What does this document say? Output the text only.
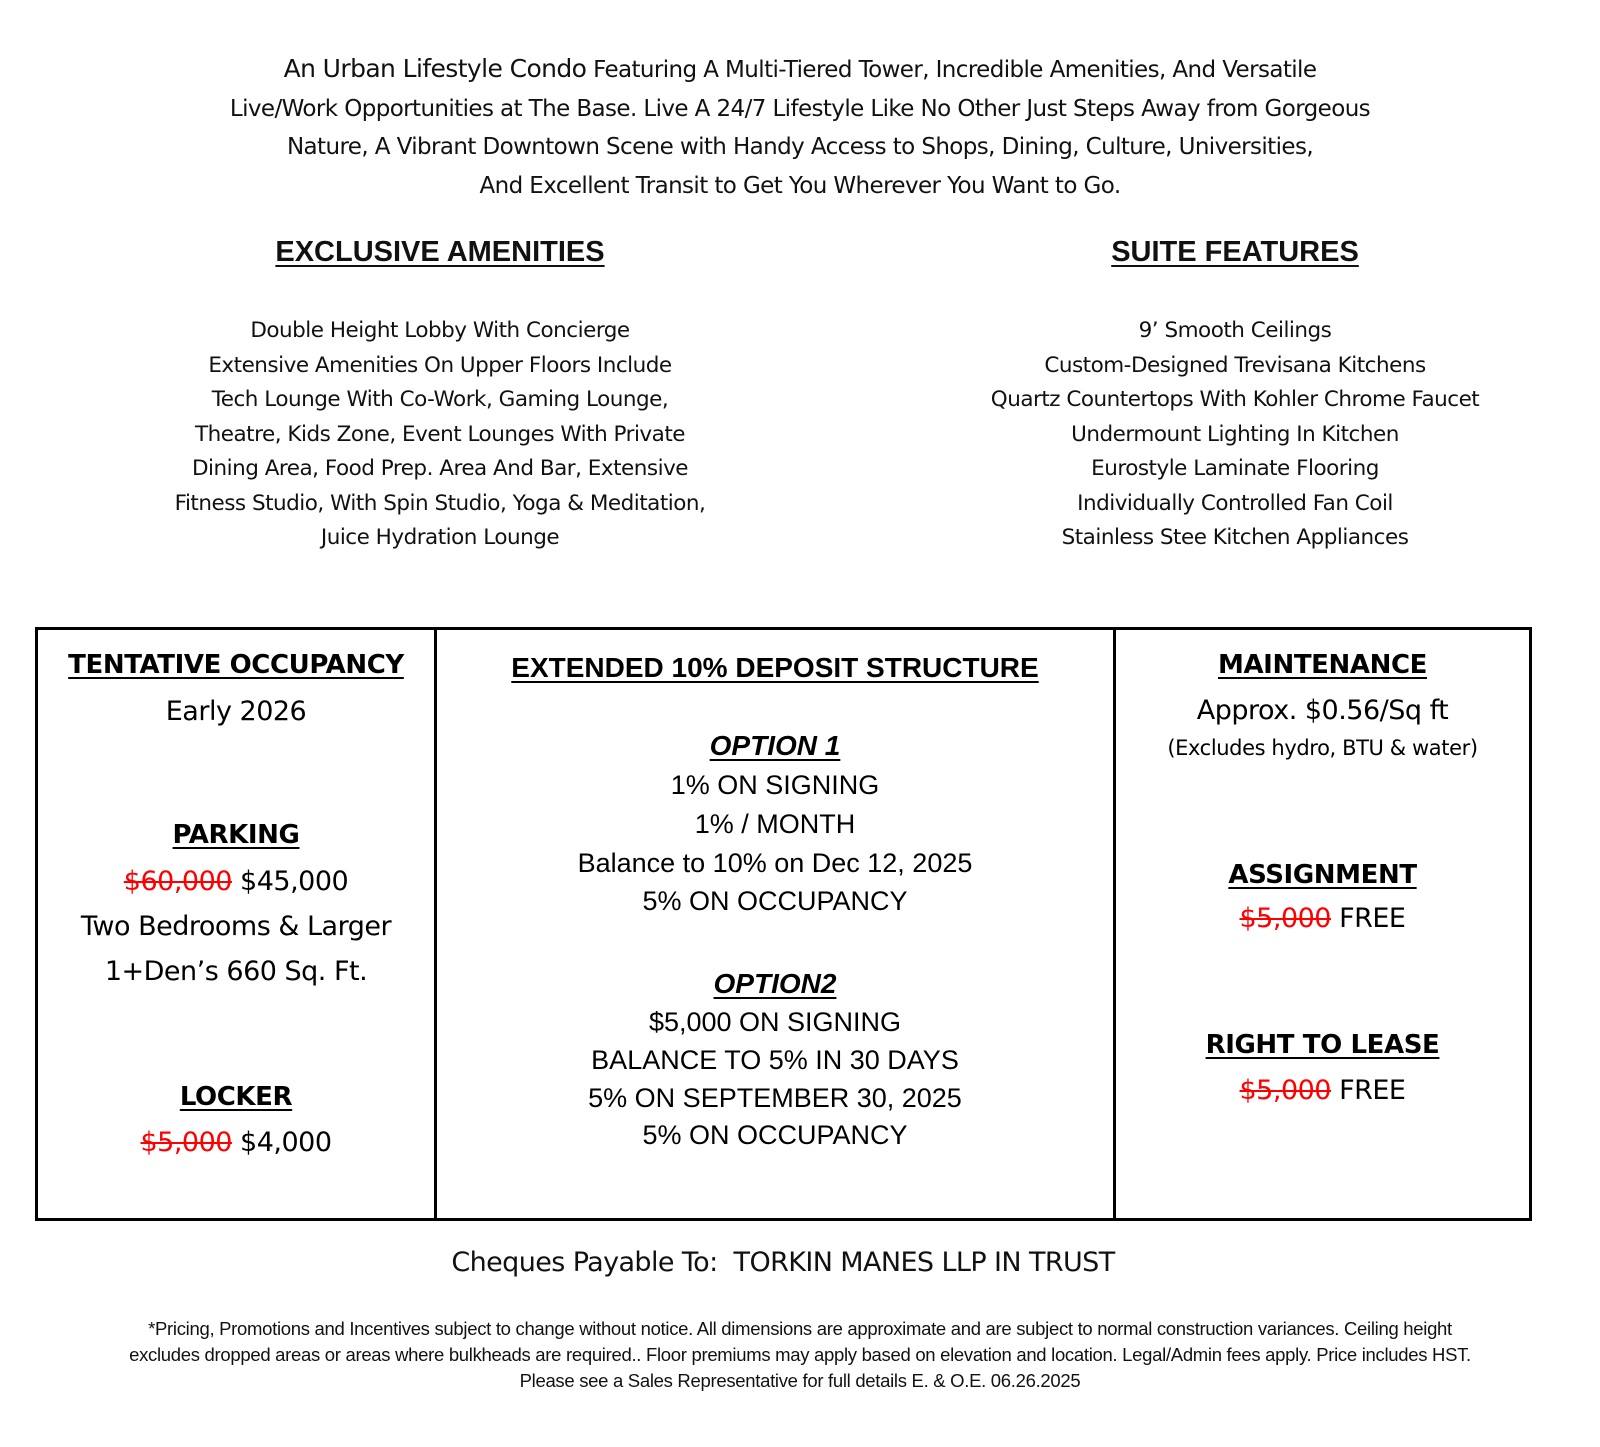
An Urban Lifestyle Condo Featuring A Multi-Tiered Tower, Incredible Amenities, And Versatile
Live/Work Opportunities at The Base. Live A 24/7 Lifestyle Like No Other Just Steps Away from Gorgeous
Nature, A Vibrant Downtown Scene with Handy Access to Shops, Dining, Culture, Universities,
And Excellent Transit to Get You Wherever You Want to Go.
EXCLUSIVE AMENITIES
Double Height Lobby With Concierge
Extensive Amenities On Upper Floors Include
Tech Lounge With Co-Work, Gaming Lounge,
Theatre, Kids Zone, Event Lounges With Private
Dining Area, Food Prep. Area And Bar, Extensive
Fitness Studio, With Spin Studio, Yoga & Meditation,
Juice Hydration Lounge
SUITE FEATURES
9’ Smooth Ceilings
Custom-Designed Trevisana Kitchens
Quartz Countertops With Kohler Chrome Faucet
Undermount Lighting In Kitchen
Eurostyle Laminate Flooring
Individually Controlled Fan Coil
Stainless Stee Kitchen Appliances
TENTATIVE OCCUPANCY
Early 2026
PARKING
$60,000 $45,000
Two Bedrooms & Larger
1+Den’s 660 Sq. Ft.
LOCKER
$5,000 $4,000
EXTENDED 10% DEPOSIT STRUCTURE
OPTION 1
1% ON SIGNING
1% / MONTH
Balance to 10% on Dec 12, 2025
5% ON OCCUPANCY
OPTION2
$5,000 ON SIGNING
BALANCE TO 5% IN 30 DAYS
5% ON SEPTEMBER 30, 2025
5% ON OCCUPANCY
MAINTENANCE
Approx. $0.56/Sq ft
(Excludes hydro, BTU & water)
ASSIGNMENT
$5,000 FREE
RIGHT TO LEASE
$5,000 FREE
Cheques Payable To:  TORKIN MANES LLP IN TRUST
*Pricing, Promotions and Incentives subject to change without notice. All dimensions are approximate and are subject to normal construction variances. Ceiling height
excludes dropped areas or areas where bulkheads are required.. Floor premiums may apply based on elevation and location. Legal/Admin fees apply. Price includes HST.
Please see a Sales Representative for full details E. & O.E. 06.26.2025
